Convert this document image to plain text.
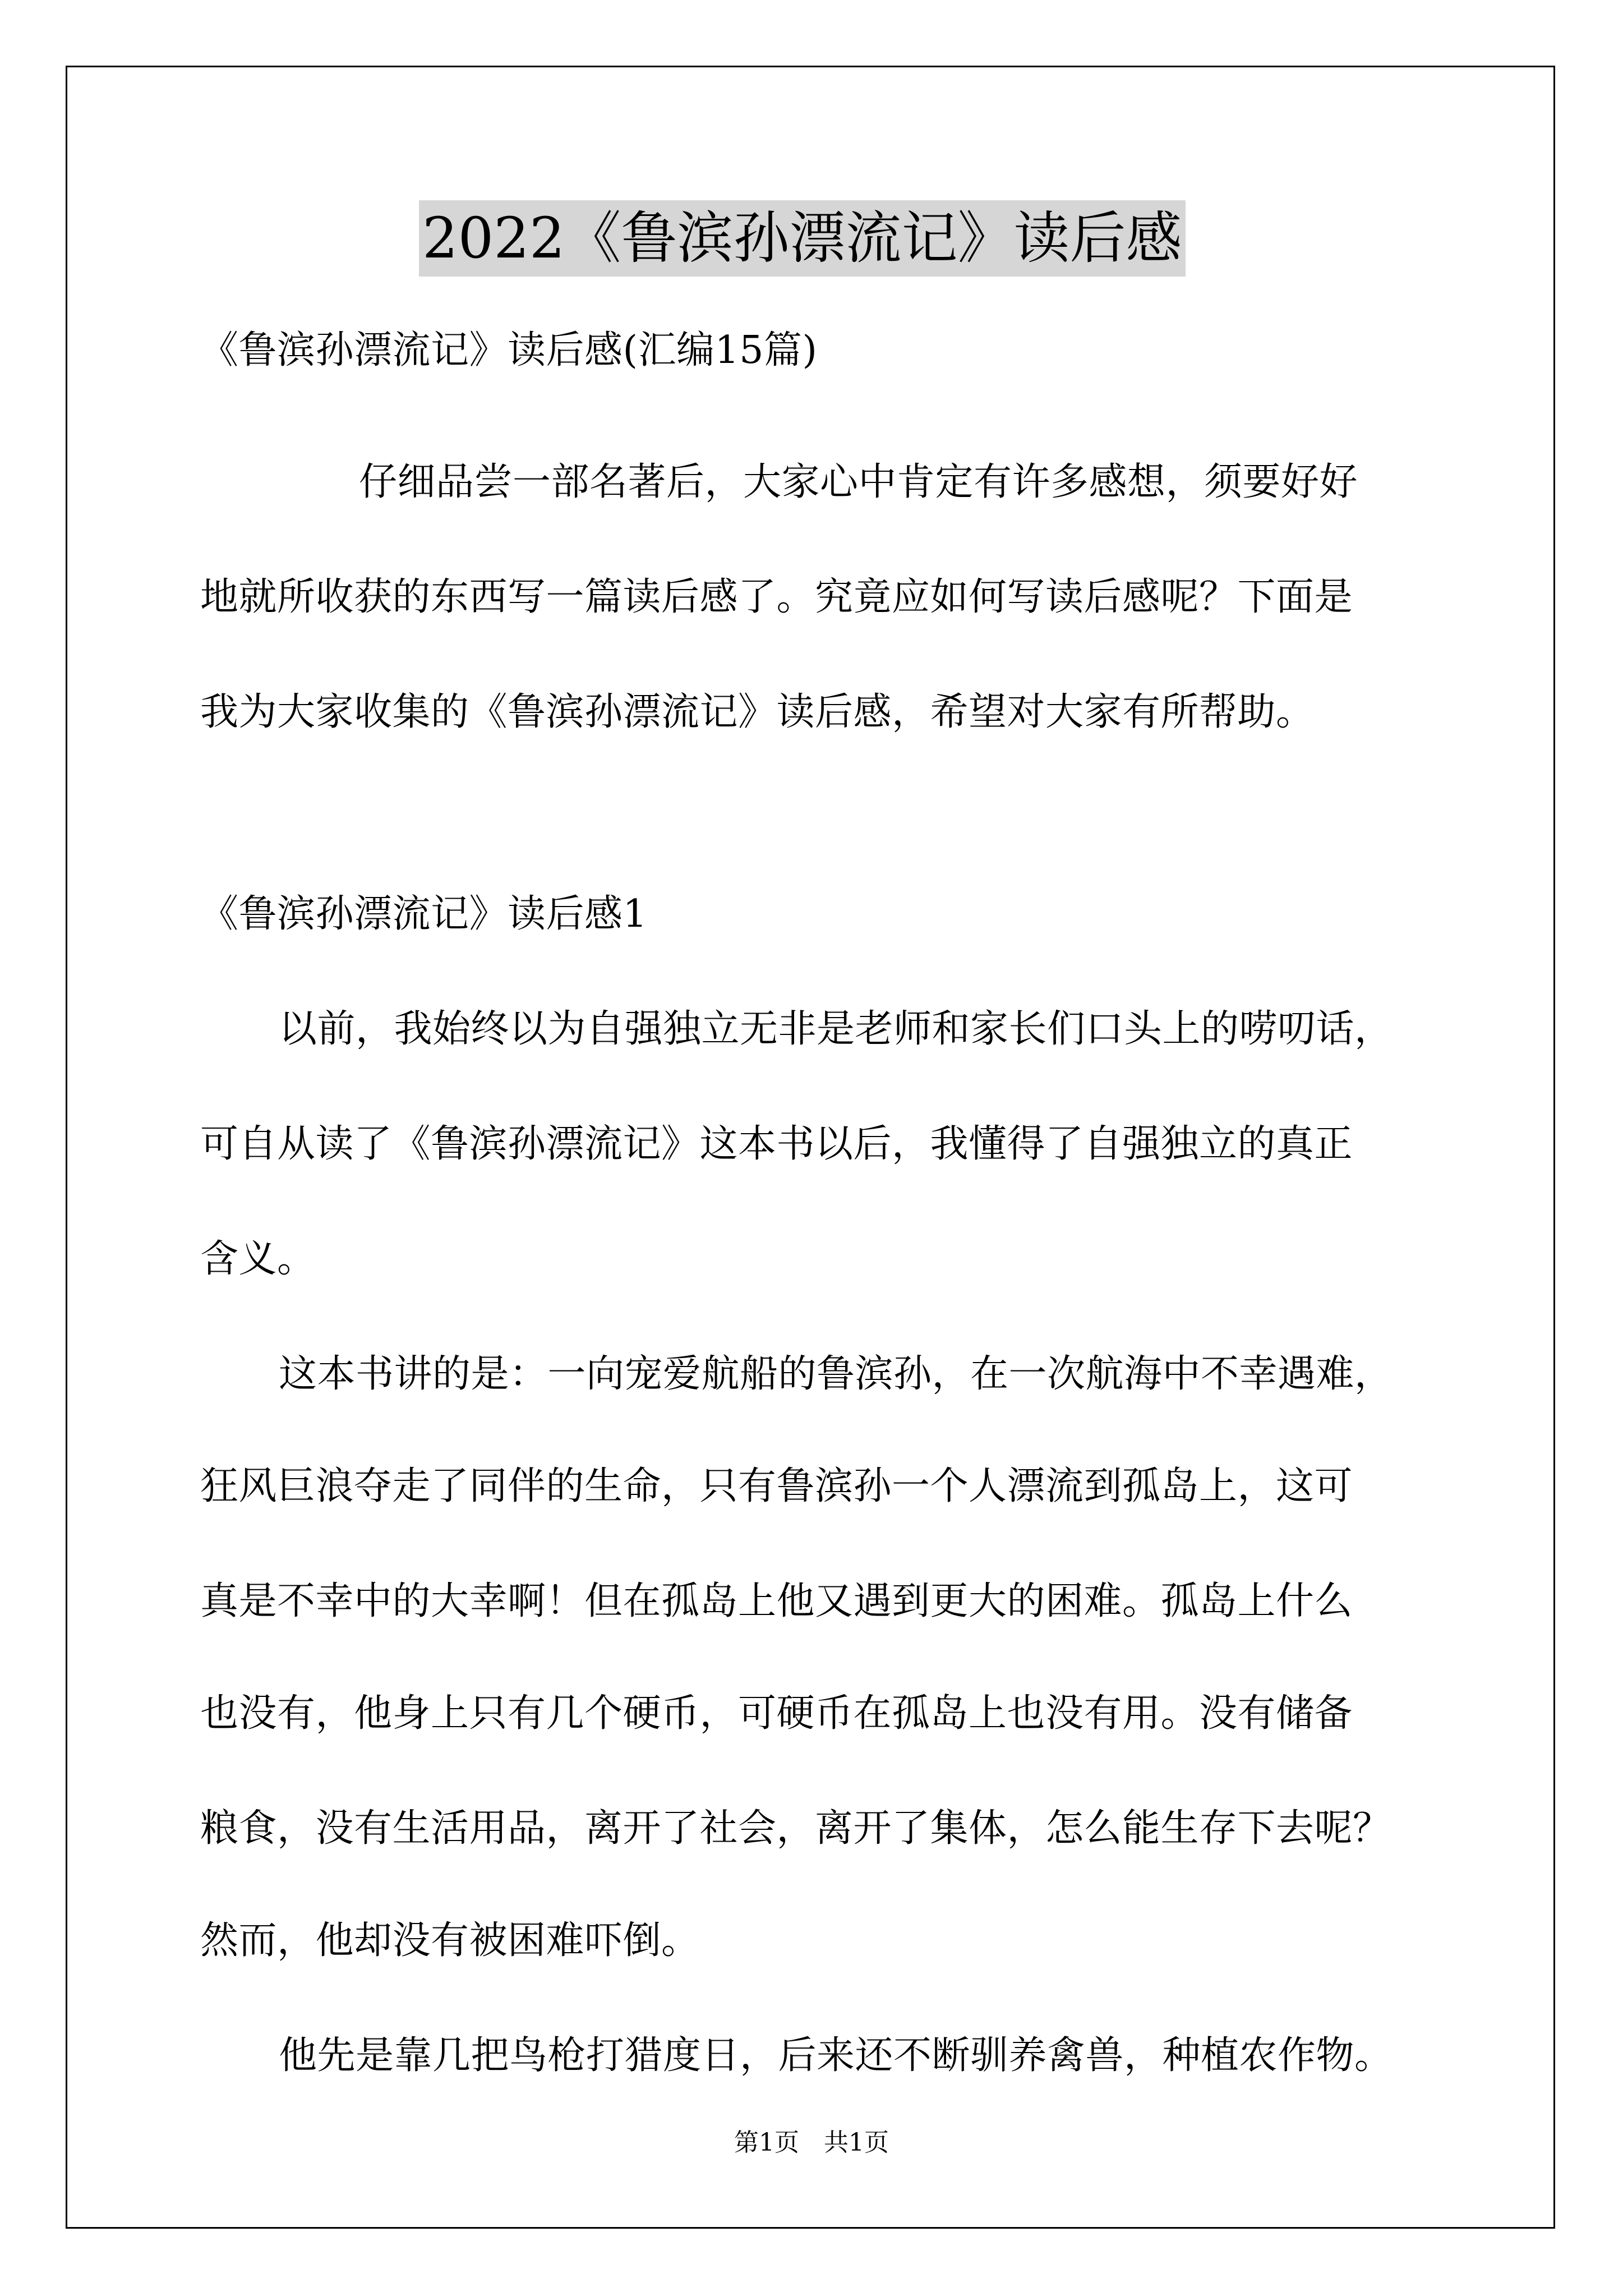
2022《鲁滨孙漂流记》读后感
《鲁滨孙漂流记》读后感(汇编15篇)
仔细品尝一部名著后，大家心中肯定有许多感想，须要好好
地就所收获的东西写一篇读后感了。究竟应如何写读后感呢？下面是
我为大家收集的《鲁滨孙漂流记》读后感，希望对大家有所帮助。
《鲁滨孙漂流记》读后感1
以前，我始终以为自强独立无非是老师和家长们口头上的唠叨话，
可自从读了《鲁滨孙漂流记》这本书以后，我懂得了自强独立的真正
含义。
这本书讲的是：一向宠爱航船的鲁滨孙，在一次航海中不幸遇难，
狂风巨浪夺走了同伴的生命，只有鲁滨孙一个人漂流到孤岛上，这可
真是不幸中的大幸啊！但在孤岛上他又遇到更大的困难。孤岛上什么
也没有，他身上只有几个硬币，可硬币在孤岛上也没有用。没有储备
粮食，没有生活用品，离开了社会，离开了集体，怎么能生存下去呢？
然而，他却没有被困难吓倒。
他先是靠几把鸟枪打猎度日，后来还不断驯养禽兽，种植农作物。
第1页　共1页
